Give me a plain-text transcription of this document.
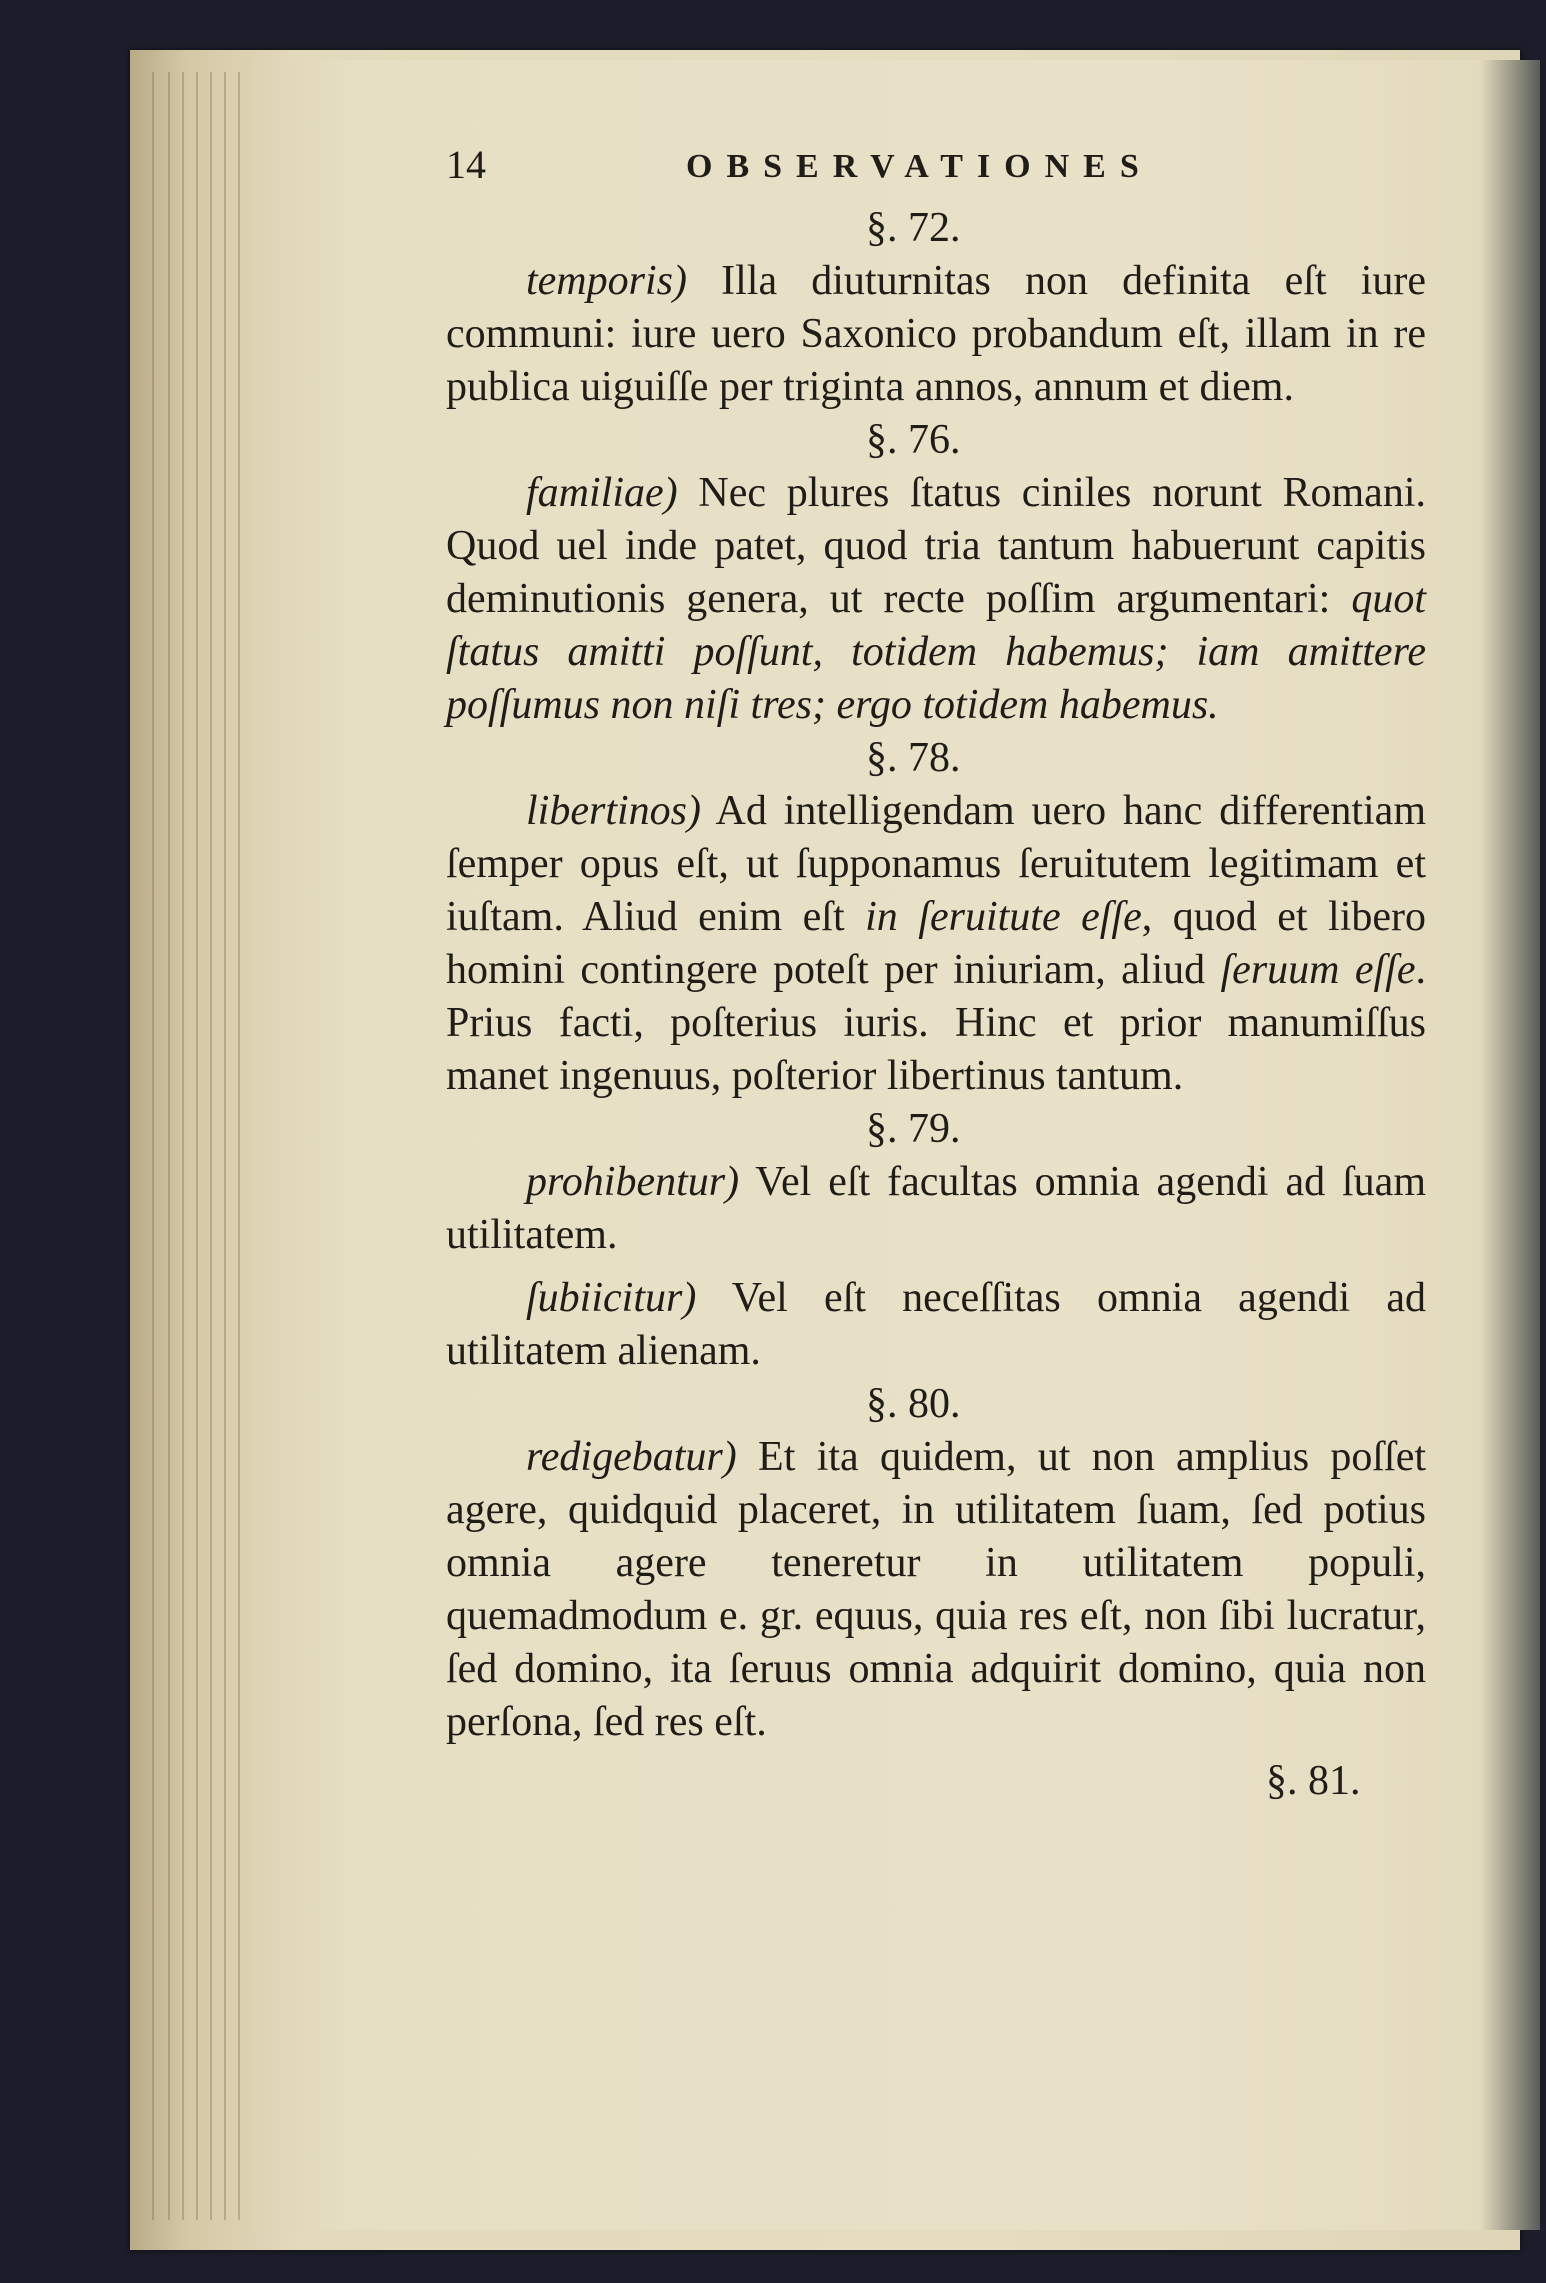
14	OBSERVATIONES
§. 72.
temporis) Illa diuturnitas non definita eſt iure communi: iure uero Saxonico probandum eſt, illam in re publica uiguiſſe per triginta annos, annum et diem.
§. 76.
familiae) Nec plures ſtatus ciniles norunt Romani. Quod uel inde patet, quod tria tantum habuerunt capitis deminutionis genera, ut recte poſſim argumentari: quot ſtatus amitti poſſunt, totidem habemus; iam amittere poſſumus non niſi tres; ergo totidem habemus.
§. 78.
libertinos) Ad intelligendam uero hanc differentiam ſemper opus eſt, ut ſupponamus ſeruitutem legitimam et iuſtam. Aliud enim eſt in ſeruitute eſſe, quod et libero homini contingere poteſt per iniuriam, aliud ſeruum eſſe. Prius facti, poſterius iuris. Hinc et prior manumiſſus manet ingenuus, poſterior libertinus tantum.
§. 79.
prohibentur) Vel eſt facultas omnia agendi ad ſuam utilitatem.
ſubiicitur) Vel eſt neceſſitas omnia agendi ad utilitatem alienam.
§. 80.
redigebatur) Et ita quidem, ut non amplius poſſet agere, quidquid placeret, in utilitatem ſuam, ſed potius omnia agere teneretur in utilitatem populi, quemadmodum e. gr. equus, quia res eſt, non ſibi lucratur, ſed domino, ita ſeruus omnia adquirit domino, quia non perſona, ſed res eſt.
§. 81.
